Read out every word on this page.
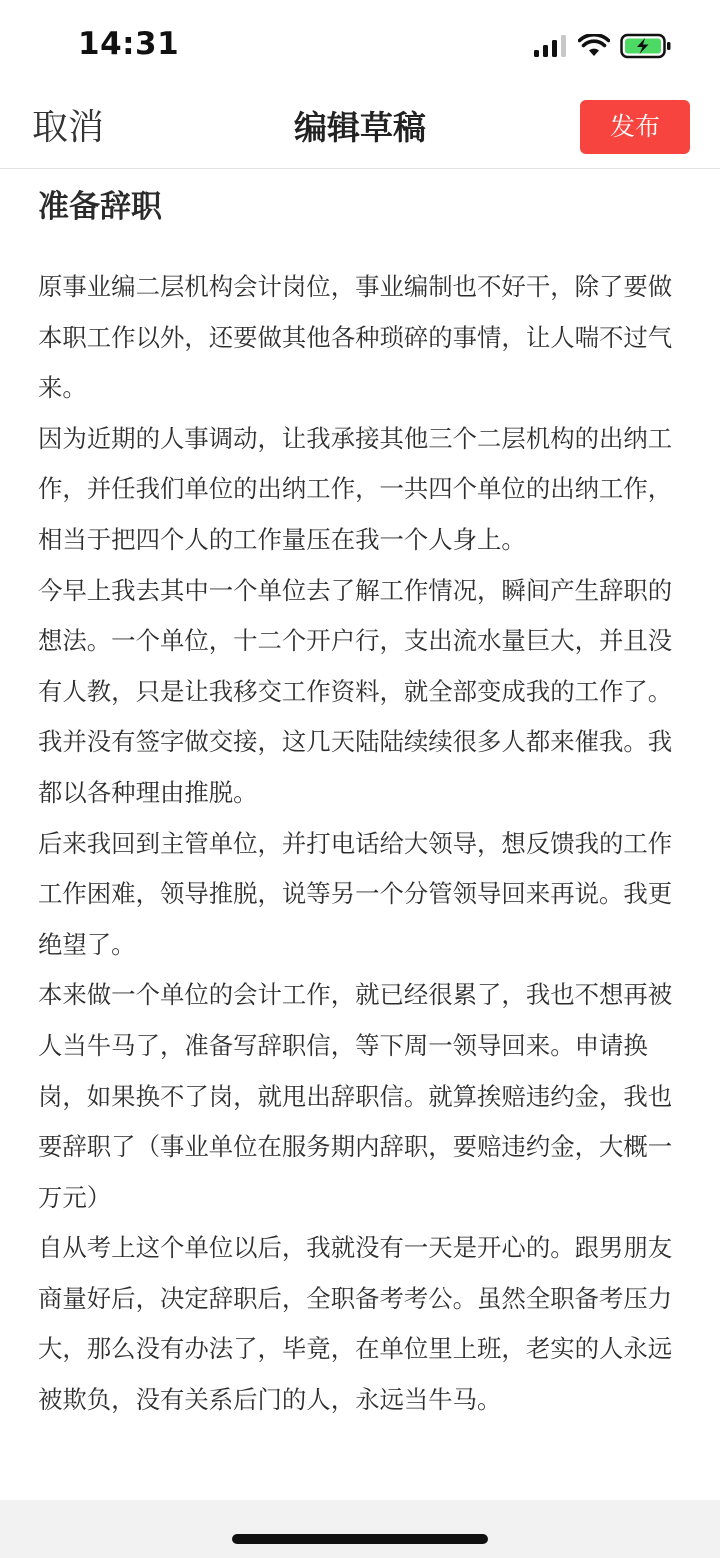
14:31
取消	编辑草稿	发布
准备辞职

原事业编二层机构会计岗位，事业编制也不好干，除了要做本职工作以外，还要做其他各种琐碎的事情，让人喘不过气来。

因为近期的人事调动，让我承接其他三个二层机构的出纳工作，并任我们单位的出纳工作，一共四个单位的出纳工作，相当于把四个人的工作量压在我一个人身上。

今早上我去其中一个单位去了解工作情况，瞬间产生辞职的想法。一个单位，十二个开户行，支出流水量巨大，并且没有人教，只是让我移交工作资料，就全部变成我的工作了。我并没有签字做交接，这几天陆陆续续很多人都来催我。我都以各种理由推脱。

后来我回到主管单位，并打电话给大领导，想反馈我的工作工作困难，领导推脱，说等另一个分管领导回来再说。我更绝望了。

本来做一个单位的会计工作，就已经很累了，我也不想再被人当牛马了，准备写辞职信，等下周一领导回来。申请换岗，如果换不了岗，就甩出辞职信。就算挨赔违约金，我也要辞职了（事业单位在服务期内辞职，要赔违约金，大概一万元）

自从考上这个单位以后，我就没有一天是开心的。跟男朋友商量好后，决定辞职后，全职备考考公。虽然全职备考压力大，那么没有办法了，毕竟，在单位里上班，老实的人永远被欺负，没有关系后门的人，永远当牛马。
